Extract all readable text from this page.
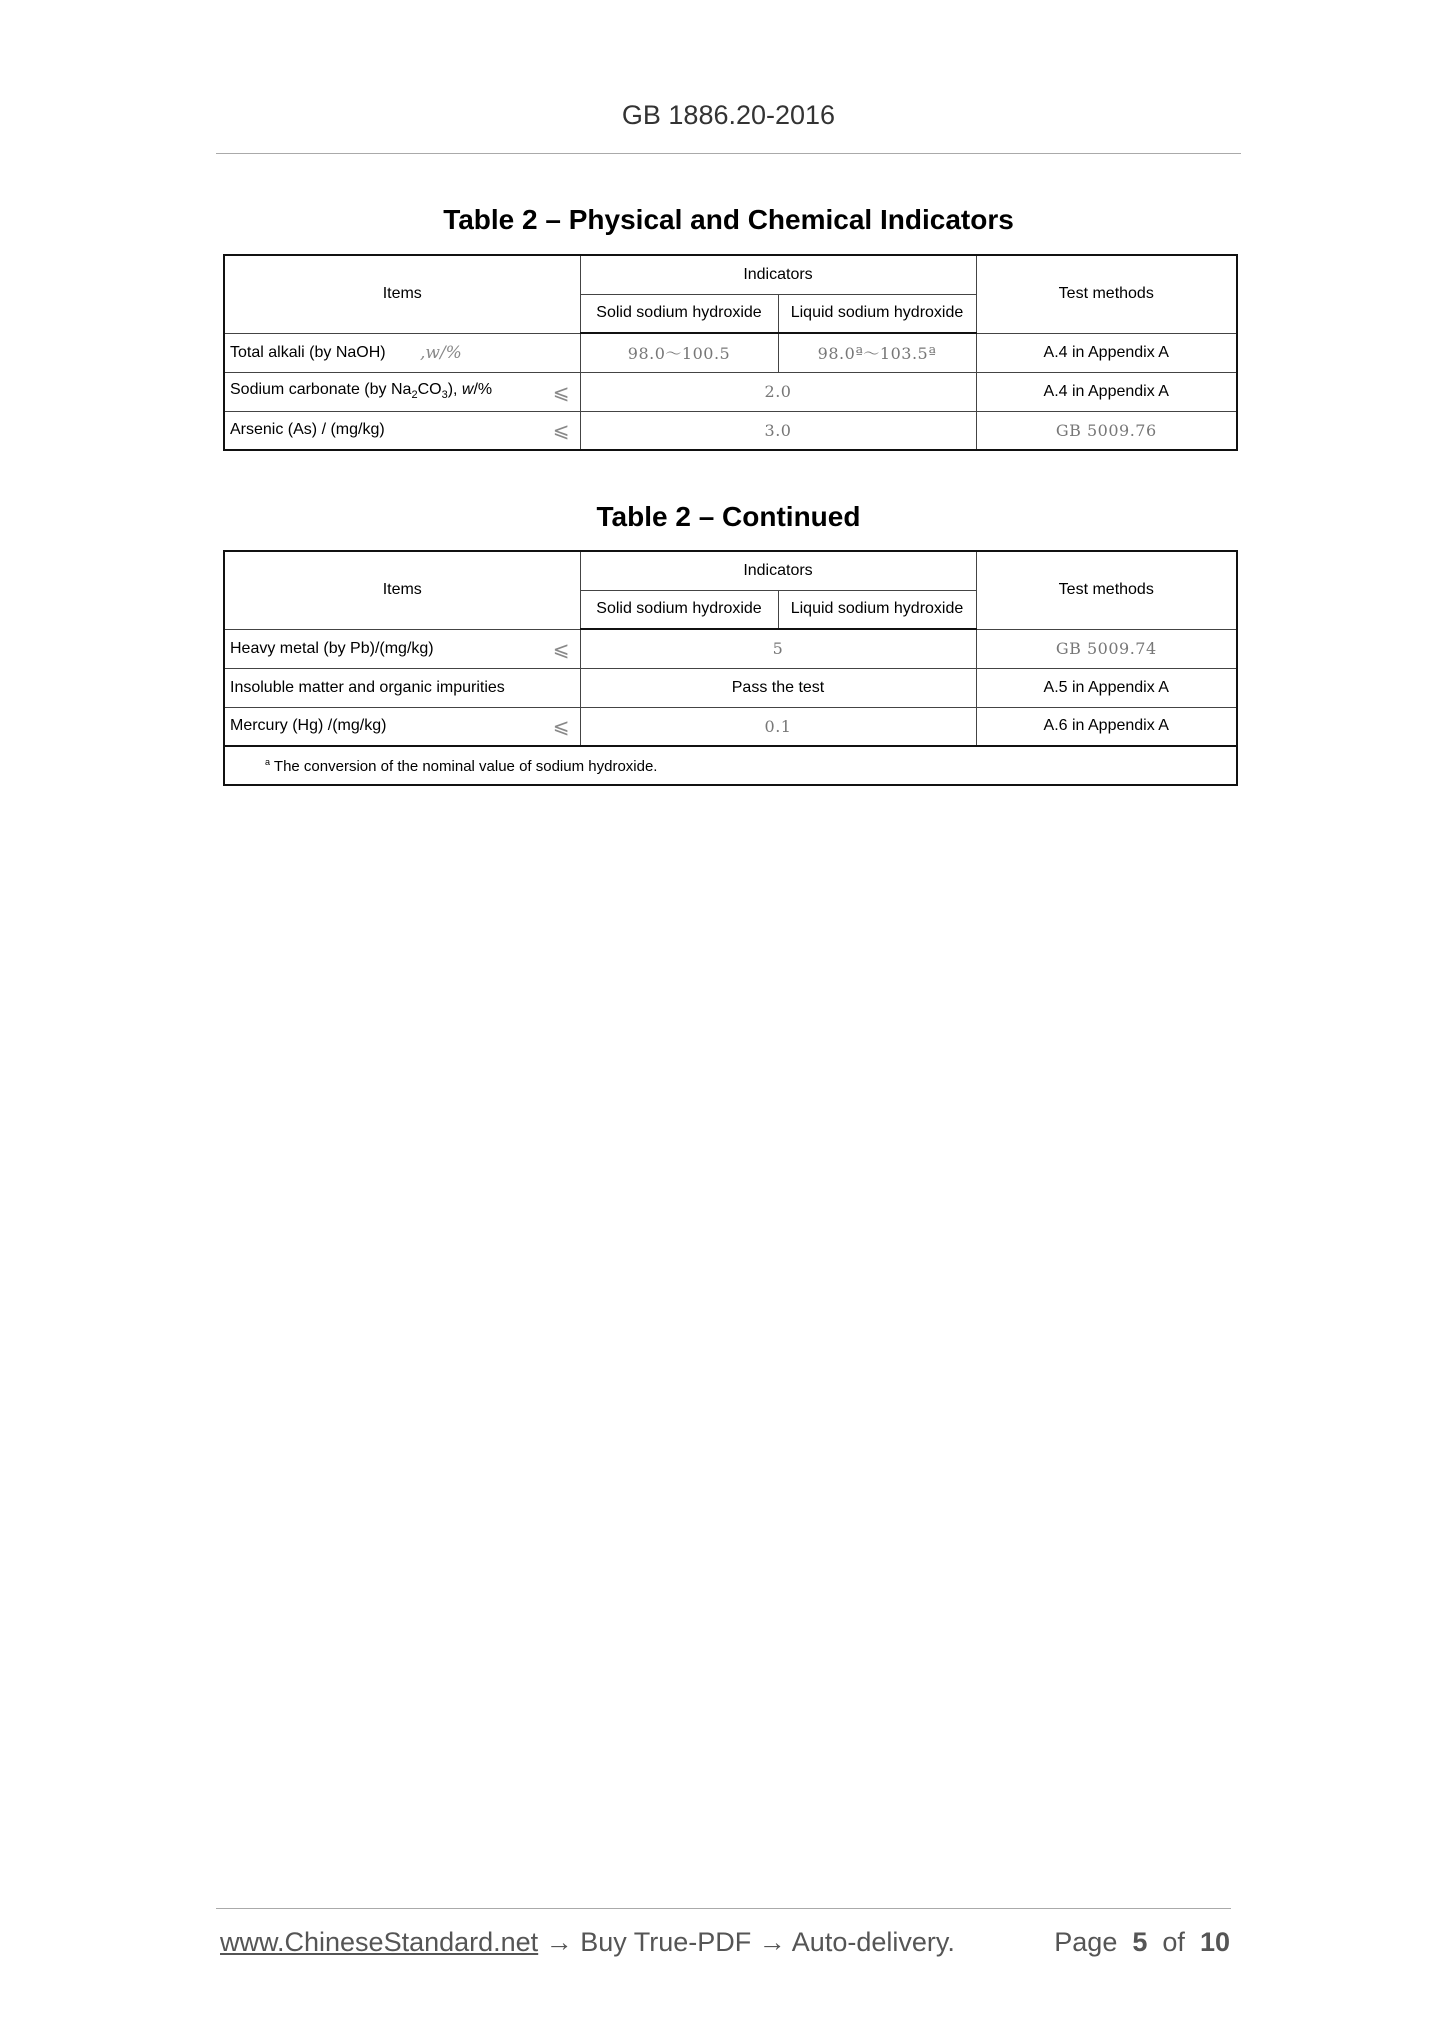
GB 1886.20-2016
Table 2 – Physical and Chemical Indicators
Items	Indicators		Test methods
	Solid sodium hydroxide	Liquid sodium hydroxide	
Total alkali (by NaOH) ,w/%	98.0～100.5	98.0ª～103.5ª	A.4 in Appendix A
Sodium carbonate (by $Na_2CO_3$), w/% ⩽	2.0		A.4 in Appendix A
Arsenic (As) / (mg/kg) ⩽	3.0		GB 5009.76
Table 2 – Continued
Items	Indicators		Test methods
	Solid sodium hydroxide	Liquid sodium hydroxide	
Heavy metal (by Pb)/(mg/kg) ⩽	5		GB 5009.74
Insoluble matter and organic impurities	Pass the test		A.5 in Appendix A
Mercury (Hg) /(mg/kg) ⩽	0.1		A.6 in Appendix A
$^a$ The conversion of the nominal value of sodium hydroxide.			
www.ChineseStandard.net → Buy True-PDF → Auto-delivery.	Page 5 of 10
